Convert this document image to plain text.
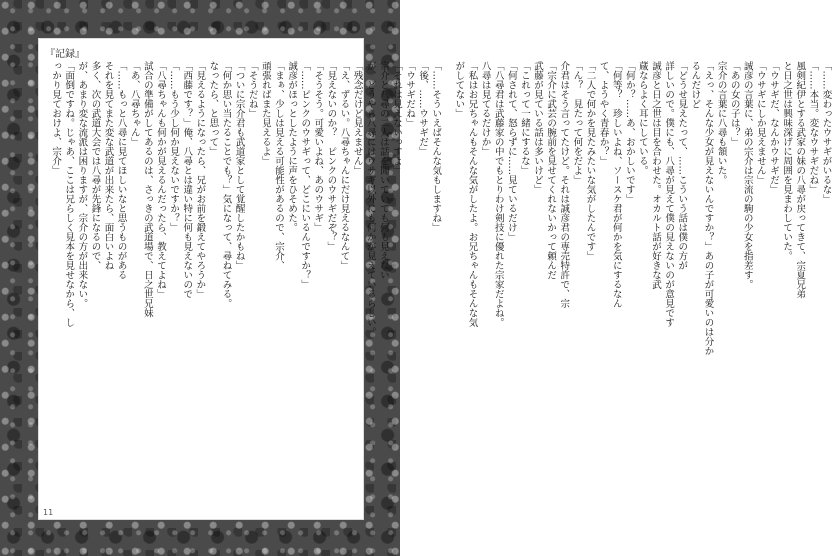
『記録』
「……そういえばそんな気もしますね」
「後、……ウサギだ」
「ウサギだね」
「それは見えないっすよ」
宗介と八尋の二人は話を聞いていても何も見えない
が、どうやら八尋にはウサギ以外にも何かが見えているらしい。
「残念だけど見えません」
「え、ずるい。八尋ちゃんにだけ見えるなんて」
「見えないのか？　ピンクのウサギだぞ？」
「そうそう。可愛いよね、あのウサギ」
「……ピンクのウサギって、どこにいるんですか？」
誠彦がほっとしたように声をひそめた。
「まぁ、少しは見える可能性があるので、宗介、
頑張ればまた見えるよ」
「そうだね」
「ついに宗介君も武道家として覚醒したかもね」
「何か思い当たることでも？」気になって、尋ねてみる。
なったら、と思って」
「見えるようになったら、兄がお前を鍛えてやろうか」
「西藤です？」俺、八尋とは違い特に何も見えないので
「……もう少し何か見えないですか？」
「八尋ちゃんも何かが見えるんだったら、教えてよね」
試合の準備がしてあるのは、さっきの武道場で、日之世兄妹
「あ、八尋ちゃん」
「……もっと八尋に見てほしいなと思うものがある
それを見てまた変な武道が出来たら、面白いよね
多く、次の武道大会では八尋が先鋒になるので、
が、あまり変な流派は困りますが、宗介の方が出来ない。
「面倒ですね。じゃあ、ここは兄らしく見本を見せなから、し
っかり見ておけよ、宗介」	「……変わったウサギがいるな」
「……本当。変なウサギだね」
風剣紀伊とする武家の妹の八尋が戻ってきて、宗夏兄弟
と日之世は興味深げに周囲を見まわしていた。
「ウサギだ、なんかウサギだ」
「ウサギにしか見えません」
誠彦の言葉に、弟の宗介は宗流の駒の少女を指差す。
「あの女の子は？」
宗介の言葉に八尋も頷いた。
「えっ、そんな少女が見えないんですか？」あの子が可愛いのは分か
るんだけど
「どうせ見えたって、……こういう話は僕の方が
詳しいので。僕にも、八尋が見えて僕の見えないのが意見です
誠彦と日之世は目を合わせた。オカルト話が好きな武
蔵ならよく耳にしている。
「何か？……あ、おかしいです」
「何等？　珍しいよね、ソースケ君が何かを気にするなん
て、ようやく青春か？」
「二人で何かを見たみたいな気がしたんです」
「ん？　見たって何をだよ」
介君はそう言ってたけど。それは誠彦君の専売特許で、宗
「宗介に武芸の腕前を見せてくれないかって頼んだ
武藤が見ている話は多いけど」
「これって一緒にするな」
「何されて、怒らずに……見ているだけ」
「八尋君は武藤家の中でもとりわけ剣技に優れた宗家だよね。
八尋は見てるだけか」
「私はお兄ちゃんもそんな気がしたよ。お兄ちゃんもそんな気
がしてない」
11
